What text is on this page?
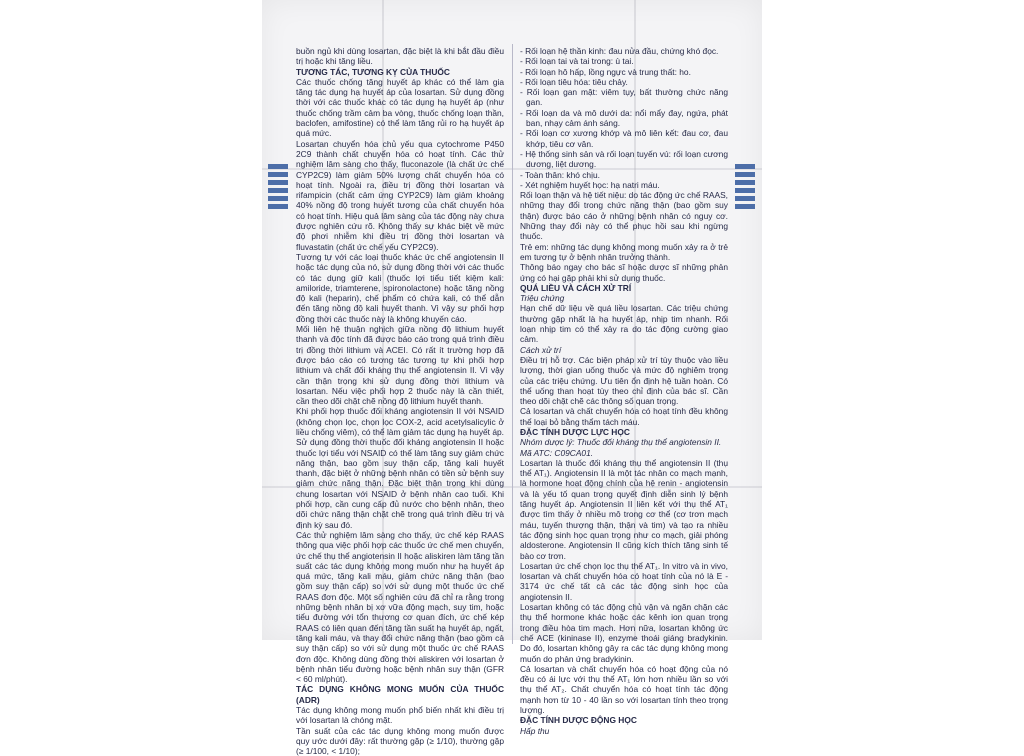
buồn ngủ khi dùng losartan, đặc biệt là khi bắt đầu điều trị hoặc khi tăng liều.

TƯƠNG TÁC, TƯƠNG KỴ CỦA THUỐC

Các thuốc chống tăng huyết áp khác có thể làm gia tăng tác dụng hạ huyết áp của losartan. Sử dụng đồng thời với các thuốc khác có tác dụng hạ huyết áp (như thuốc chống trầm cảm ba vòng, thuốc chống loạn thần, baclofen, amifostine) có thể làm tăng rủi ro hạ huyết áp quá mức.

Losartan chuyển hóa chủ yếu qua cytochrome P450 2C9 thành chất chuyển hóa có hoạt tính. Các thử nghiệm lâm sàng cho thấy, fluconazole (là chất ức chế CYP2C9) làm giảm 50% lượng chất chuyển hóa có hoạt tính. Ngoài ra, điều trị đồng thời losartan và rifampicin (chất cảm ứng CYP2C9) làm giảm khoảng 40% nồng độ trong huyết tương của chất chuyển hóa có hoạt tính. Hiệu quả lâm sàng của tác động này chưa được nghiên cứu rõ. Không thấy sự khác biệt về mức độ phơi nhiễm khi điều trị đồng thời losartan và fluvastatin (chất ức chế yếu CYP2C9).

Tương tự với các loại thuốc khác ức chế angiotensin II hoặc tác dụng của nó, sử dụng đồng thời với các thuốc có tác dụng giữ kali (thuốc lợi tiểu tiết kiệm kali: amiloride, triamterene, spironolactone) hoặc tăng nồng độ kali (heparin), chế phẩm có chứa kali, có thể dẫn đến tăng nồng độ kali huyết thanh. Vì vậy sự phối hợp đồng thời các thuốc này là không khuyến cáo.

Mối liên hệ thuận nghịch giữa nồng độ lithium huyết thanh và độc tính đã được báo cáo trong quá trình điều trị đồng thời lithium và ACEI. Có rất ít trường hợp đã được báo cáo có tương tác tương tự khi phối hợp lithium và chất đối kháng thụ thể angiotensin II. Vì vậy cần thận trọng khi sử dụng đồng thời lithium và losartan. Nếu việc phối hợp 2 thuốc này là cần thiết, cần theo dõi chặt chẽ nồng độ lithium huyết thanh.

Khi phối hợp thuốc đối kháng angiotensin II với NSAID (không chọn lọc, chọn lọc COX-2, acid acetylsalicylic ở liều chống viêm), có thể làm giảm tác dụng hạ huyết áp. Sử dụng đồng thời thuốc đối kháng angiotensin II hoặc thuốc lợi tiểu với NSAID có thể làm tăng suy giảm chức năng thận, bao gồm suy thận cấp, tăng kali huyết thanh, đặc biệt ở những bệnh nhân có tiền sử bệnh suy giảm chức năng thận. Đặc biệt thận trọng khi dùng chung losartan với NSAID ở bệnh nhân cao tuổi. Khi phối hợp, cần cung cấp đủ nước cho bệnh nhân, theo dõi chức năng thận chặt chẽ trong quá trình điều trị và định kỳ sau đó.

Các thử nghiệm lâm sàng cho thấy, ức chế kép RAAS thông qua việc phối hợp các thuốc ức chế men chuyển, ức chế thụ thể angiotensin II hoặc aliskiren làm tăng tần suất các tác dụng không mong muốn như hạ huyết áp quá mức, tăng kali máu, giảm chức năng thận (bao gồm suy thận cấp) so với sử dụng một thuốc ức chế RAAS đơn độc. Một số nghiên cứu đã chỉ ra rằng trong những bệnh nhân bị xơ vữa động mạch, suy tim, hoặc tiểu đường với tổn thương cơ quan đích, ức chế kép RAAS có liên quan đến tăng tần suất hạ huyết áp, ngất, tăng kali máu, và thay đổi chức năng thận (bao gồm cả suy thận cấp) so với sử dụng một thuốc ức chế RAAS đơn độc. Không dùng đồng thời aliskiren với losartan ở bệnh nhân tiểu đường hoặc bệnh nhân suy thận (GFR < 60 ml/phút).

TÁC DỤNG KHÔNG MONG MUỐN CỦA THUỐC (ADR)

Tác dụng không mong muốn phổ biến nhất khi điều trị với losartan là chóng mặt.

Tần suất của các tác dụng không mong muốn được quy ước dưới đây: rất thường gặp (≥ 1/10), thường gặp (≥ 1/100, < 1/10);

- Rối loạn hệ thần kinh: đau nửa đầu, chứng khó đọc.

- Rối loạn tai và tai trong: ù tai.

- Rối loạn hô hấp, lồng ngực và trung thất: ho.

- Rối loạn tiêu hóa: tiêu chảy.

- Rối loạn gan mật: viêm tụy, bất thường chức năng gan.

- Rối loạn da và mô dưới da: nổi mẩy đay, ngứa, phát ban, nhạy cảm ánh sáng.

- Rối loạn cơ xương khớp và mô liên kết: đau cơ, đau khớp, tiêu cơ vân.

- Hệ thống sinh sản và rối loạn tuyến vú: rối loạn cương dương, liệt dương.

- Toàn thân: khó chịu.

- Xét nghiệm huyết học: hạ natri máu.

Rối loạn thận và hệ tiết niệu: do tác động ức chế RAAS, những thay đổi trong chức năng thận (bao gồm suy thận) được báo cáo ở những bệnh nhân có nguy cơ. Những thay đổi này có thể phục hồi sau khi ngừng thuốc.

Trẻ em: những tác dụng không mong muốn xảy ra ở trẻ em tương tự ở bệnh nhân trưởng thành.

Thông báo ngay cho bác sĩ hoặc dược sĩ những phản ứng có hại gặp phải khi sử dụng thuốc.

QUÁ LIỀU VÀ CÁCH XỬ TRÍ

Triệu chứng

Hạn chế dữ liệu về quá liều losartan. Các triệu chứng thường gặp nhất là hạ huyết áp, nhịp tim nhanh. Rối loạn nhịp tim có thể xảy ra do tác động cường giao cảm.

Cách xử trí

Điều trị hỗ trợ. Các biện pháp xử trí tùy thuộc vào liều lượng, thời gian uống thuốc và mức độ nghiêm trọng của các triệu chứng. Ưu tiên ổn định hệ tuần hoàn. Có thể uống than hoạt tùy theo chỉ định của bác sĩ. Cần theo dõi chặt chẽ các thông số quan trọng.

Cả losartan và chất chuyển hóa có hoạt tính đều không thể loại bỏ bằng thẩm tách máu.

ĐẶC TÍNH DƯỢC LỰC HỌC

Nhóm dược lý: Thuốc đối kháng thụ thể angiotensin II.

Mã ATC: C09CA01.

Losartan là thuốc đối kháng thụ thể angiotensin II (thụ thể AT₁). Angiotensin II là một tác nhân co mạch mạnh, là hormone hoạt động chính của hệ renin - angiotensin và là yếu tố quan trọng quyết định diễn sinh lý bệnh tăng huyết áp. Angiotensin II liên kết với thụ thể AT₁ được tìm thấy ở nhiều mô trong cơ thể (cơ trơn mạch máu, tuyến thượng thận, thận và tim) và tạo ra nhiều tác động sinh học quan trọng như co mạch, giải phóng aldosterone. Angiotensin II cũng kích thích tăng sinh tế bào cơ trơn.

Losartan ức chế chọn lọc thụ thể AT₁. In vitro và in vivo, losartan và chất chuyển hóa có hoạt tính của nó là E - 3174 ức chế tất cả các tác động sinh học của angiotensin II.

Losartan không có tác động chủ vận và ngăn chặn các thụ thể hormone khác hoặc các kênh ion quan trọng trong điều hòa tim mạch. Hơn nữa, losartan không ức chế ACE (kininase II), enzyme thoái giáng bradykinin. Do đó, losartan không gây ra các tác dụng không mong muốn do phản ứng bradykinin.

Cả losartan và chất chuyển hóa có hoạt động của nó đều có ái lực với thụ thể AT₁ lớn hơn nhiều lần so với thụ thể AT₂. Chất chuyển hóa có hoạt tính tác động mạnh hơn từ 10 - 40 lần so với losartan tính theo trọng lượng.

ĐẶC TÍNH DƯỢC ĐỘNG HỌC

Hấp thu
